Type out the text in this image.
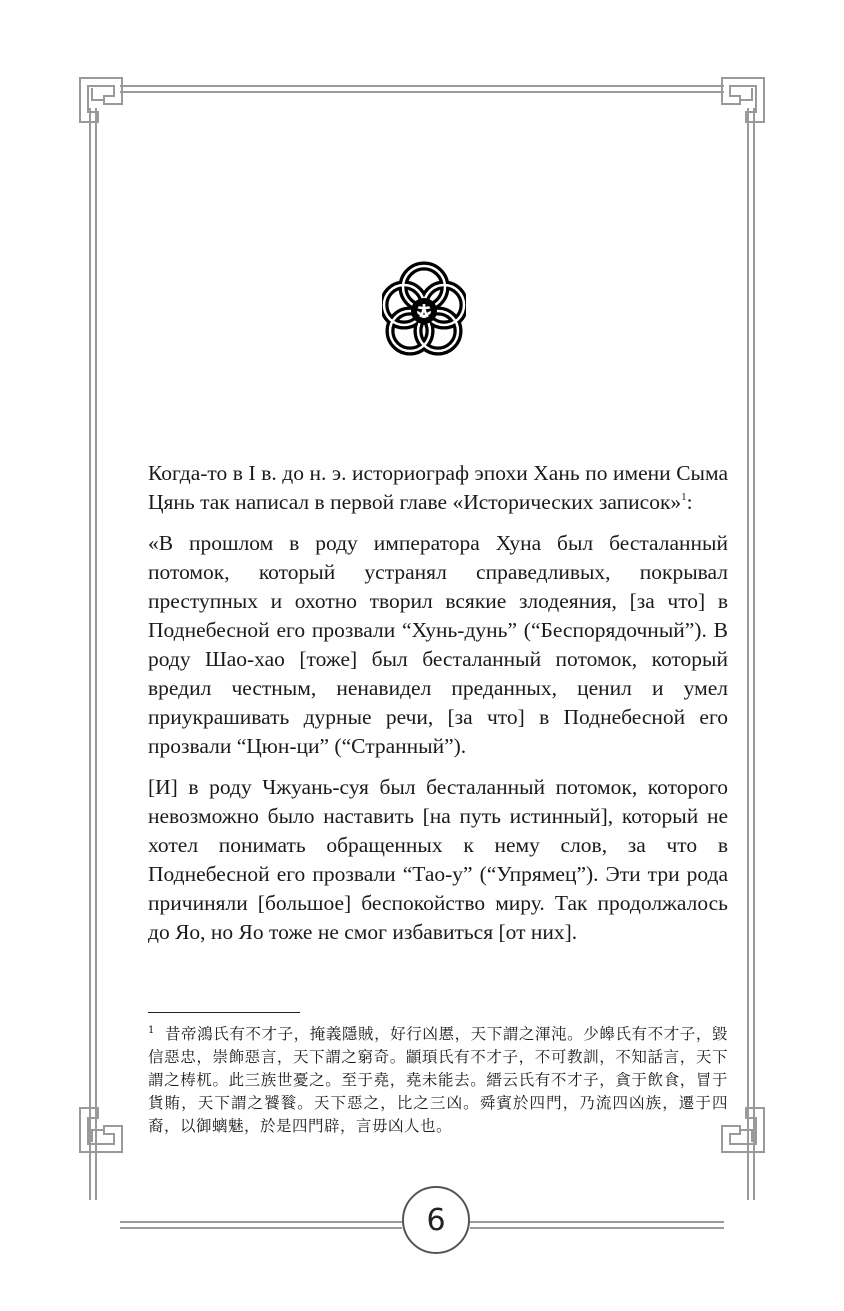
Когда-то в I в. до н. э. историограф эпохи Хань по имени Сыма Цянь так написал в первой главе «Исторических записок»$^1$:

«В прошлом в роду императора Хуна был бесталанный потомок, который устранял справедливых, покрывал преступных и охотно творил всякие злодеяния, [за что] в Поднебесной его прозвали “Хунь-дунь” (“Беспорядочный”). В роду Шао-хао [тоже] был бесталанный потомок, который вредил честным, ненавидел преданных, ценил и умел приукрашивать дурные речи, [за что] в Поднебесной его прозвали “Цюн-ци” (“Странный”).

[И] в роду Чжуань-суя был бесталанный потомок, которого невозможно было наставить [на путь истинный], который не хотел понимать обращенных к нему слов, за что в Поднебесной его прозвали “Тао-у” (“Упрямец”). Эти три рода причиняли [большое] беспокойство миру. Так продолжалось до Яо, но Яо тоже не смог избавиться [от них].

$^1$ 昔帝鴻氏有不才子，掩義隱賊，好行凶慝，天下謂之渾沌。少皞氏有不才子，毀信惡忠，崇飾惡言，天下謂之窮奇。顓頊氏有不才子，不可教訓，不知話言，天下謂之梼杌。此三族世憂之。至于堯，堯未能去。縉云氏有不才子，貪于飲食，冒于貨賄，天下謂之饕餮。天下惡之，比之三凶。舜賓於四門，乃流四凶族，遷于四裔，以御螭魅，於是四門辟，言毋凶人也。
6
